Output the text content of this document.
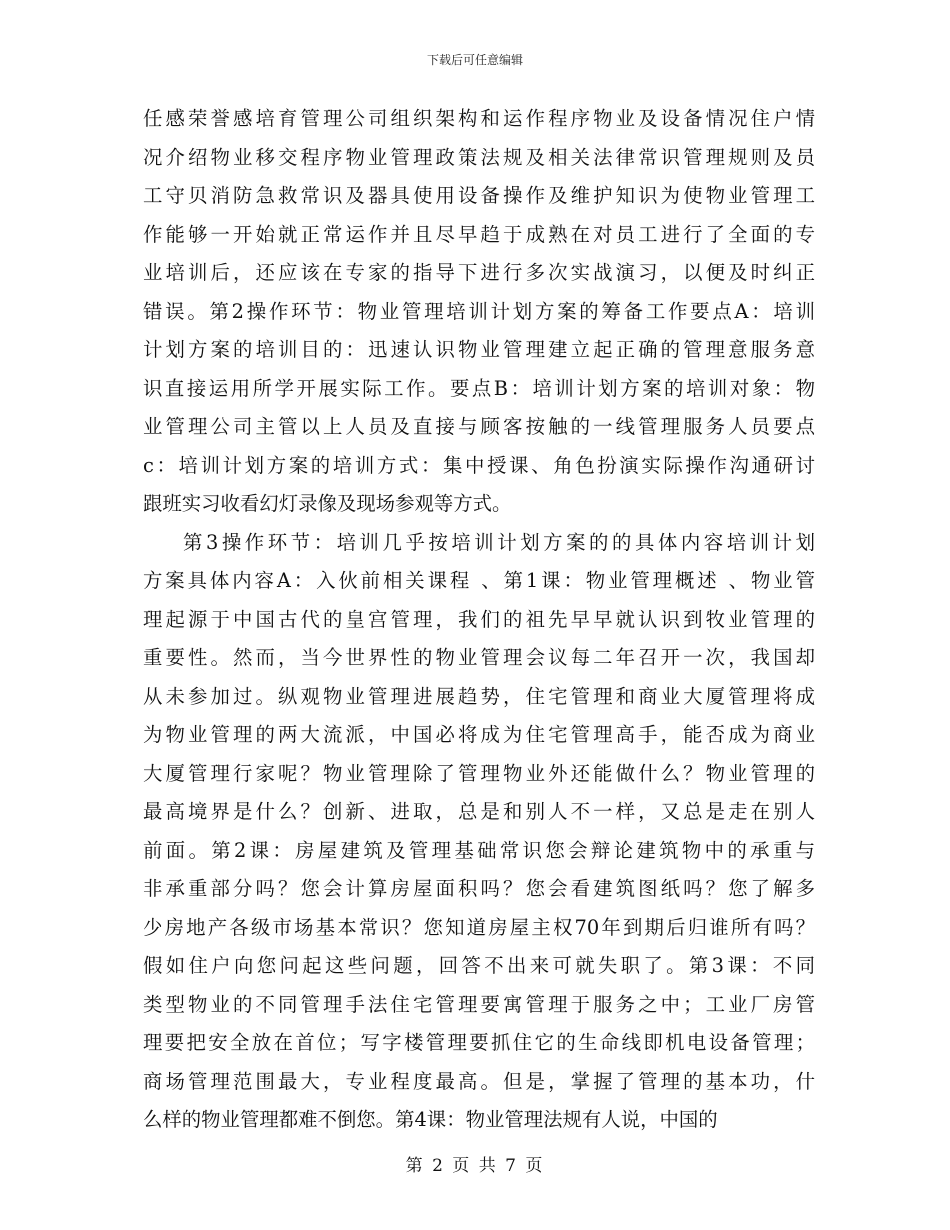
下载后可任意编辑
任感荣誉感培育管理公司组织架构和运作程序物业及设备情况住户情
况介绍物业移交程序物业管理政策法规及相关法律常识管理规则及员
工守贝消防急救常识及器具使用设备操作及维护知识为使物业管理工
作能够一开始就正常运作并且尽早趋于成熟在对员工进行了全面的专
业培训后，还应该在专家的指导下进行多次实战演习，以便及时纠正
错误。第2操作环节：物业管理培训计划方案的筹备工作要点A：培训
计划方案的培训目的：迅速认识物业管理建立起正确的管理意服务意
识直接运用所学开展实际工作。要点B：培训计划方案的培训对象：物
业管理公司主管以上人员及直接与顾客按触的一线管理服务人员要点
c：培训计划方案的培训方式：集中授课、角色扮演实际操作沟通研讨
跟班实习收看幻灯录像及现场参观等方式。
第3操作环节：培训几乎按培训计划方案的的具体内容培训计划
方案具体内容A：入伙前相关课程 、第1课：物业管理概述 、物业管
理起源于中国古代的皇宫管理，我们的祖先早早就认识到牧业管理的
重要性。然而，当今世界性的物业管理会议每二年召开一次，我国却
从未参加过。纵观物业管理进展趋势，住宅管理和商业大厦管理将成
为物业管理的两大流派，中国必将成为住宅管理高手，能否成为商业
大厦管理行家呢？物业管理除了管理物业外还能做什么？物业管理的
最高境界是什么？创新、进取，总是和别人不一样，又总是走在别人
前面。第2课：房屋建筑及管理基础常识您会辩论建筑物中的承重与
非承重部分吗？您会计算房屋面积吗？您会看建筑图纸吗？您了解多
少房地产各级市场基本常识？您知道房屋主权70年到期后归谁所有吗？
假如住户向您问起这些问题，回答不出来可就失职了。第3课：不同
类型物业的不同管理手法住宅管理要寓管理于服务之中；工业厂房管
理要把安全放在首位；写字楼管理要抓住它的生命线即机电设备管理；
商场管理范围最大，专业程度最高。但是，掌握了管理的基本功，什
么样的物业管理都难不倒您。第4课：物业管理法规有人说，中国的
第 2 页 共 7 页
